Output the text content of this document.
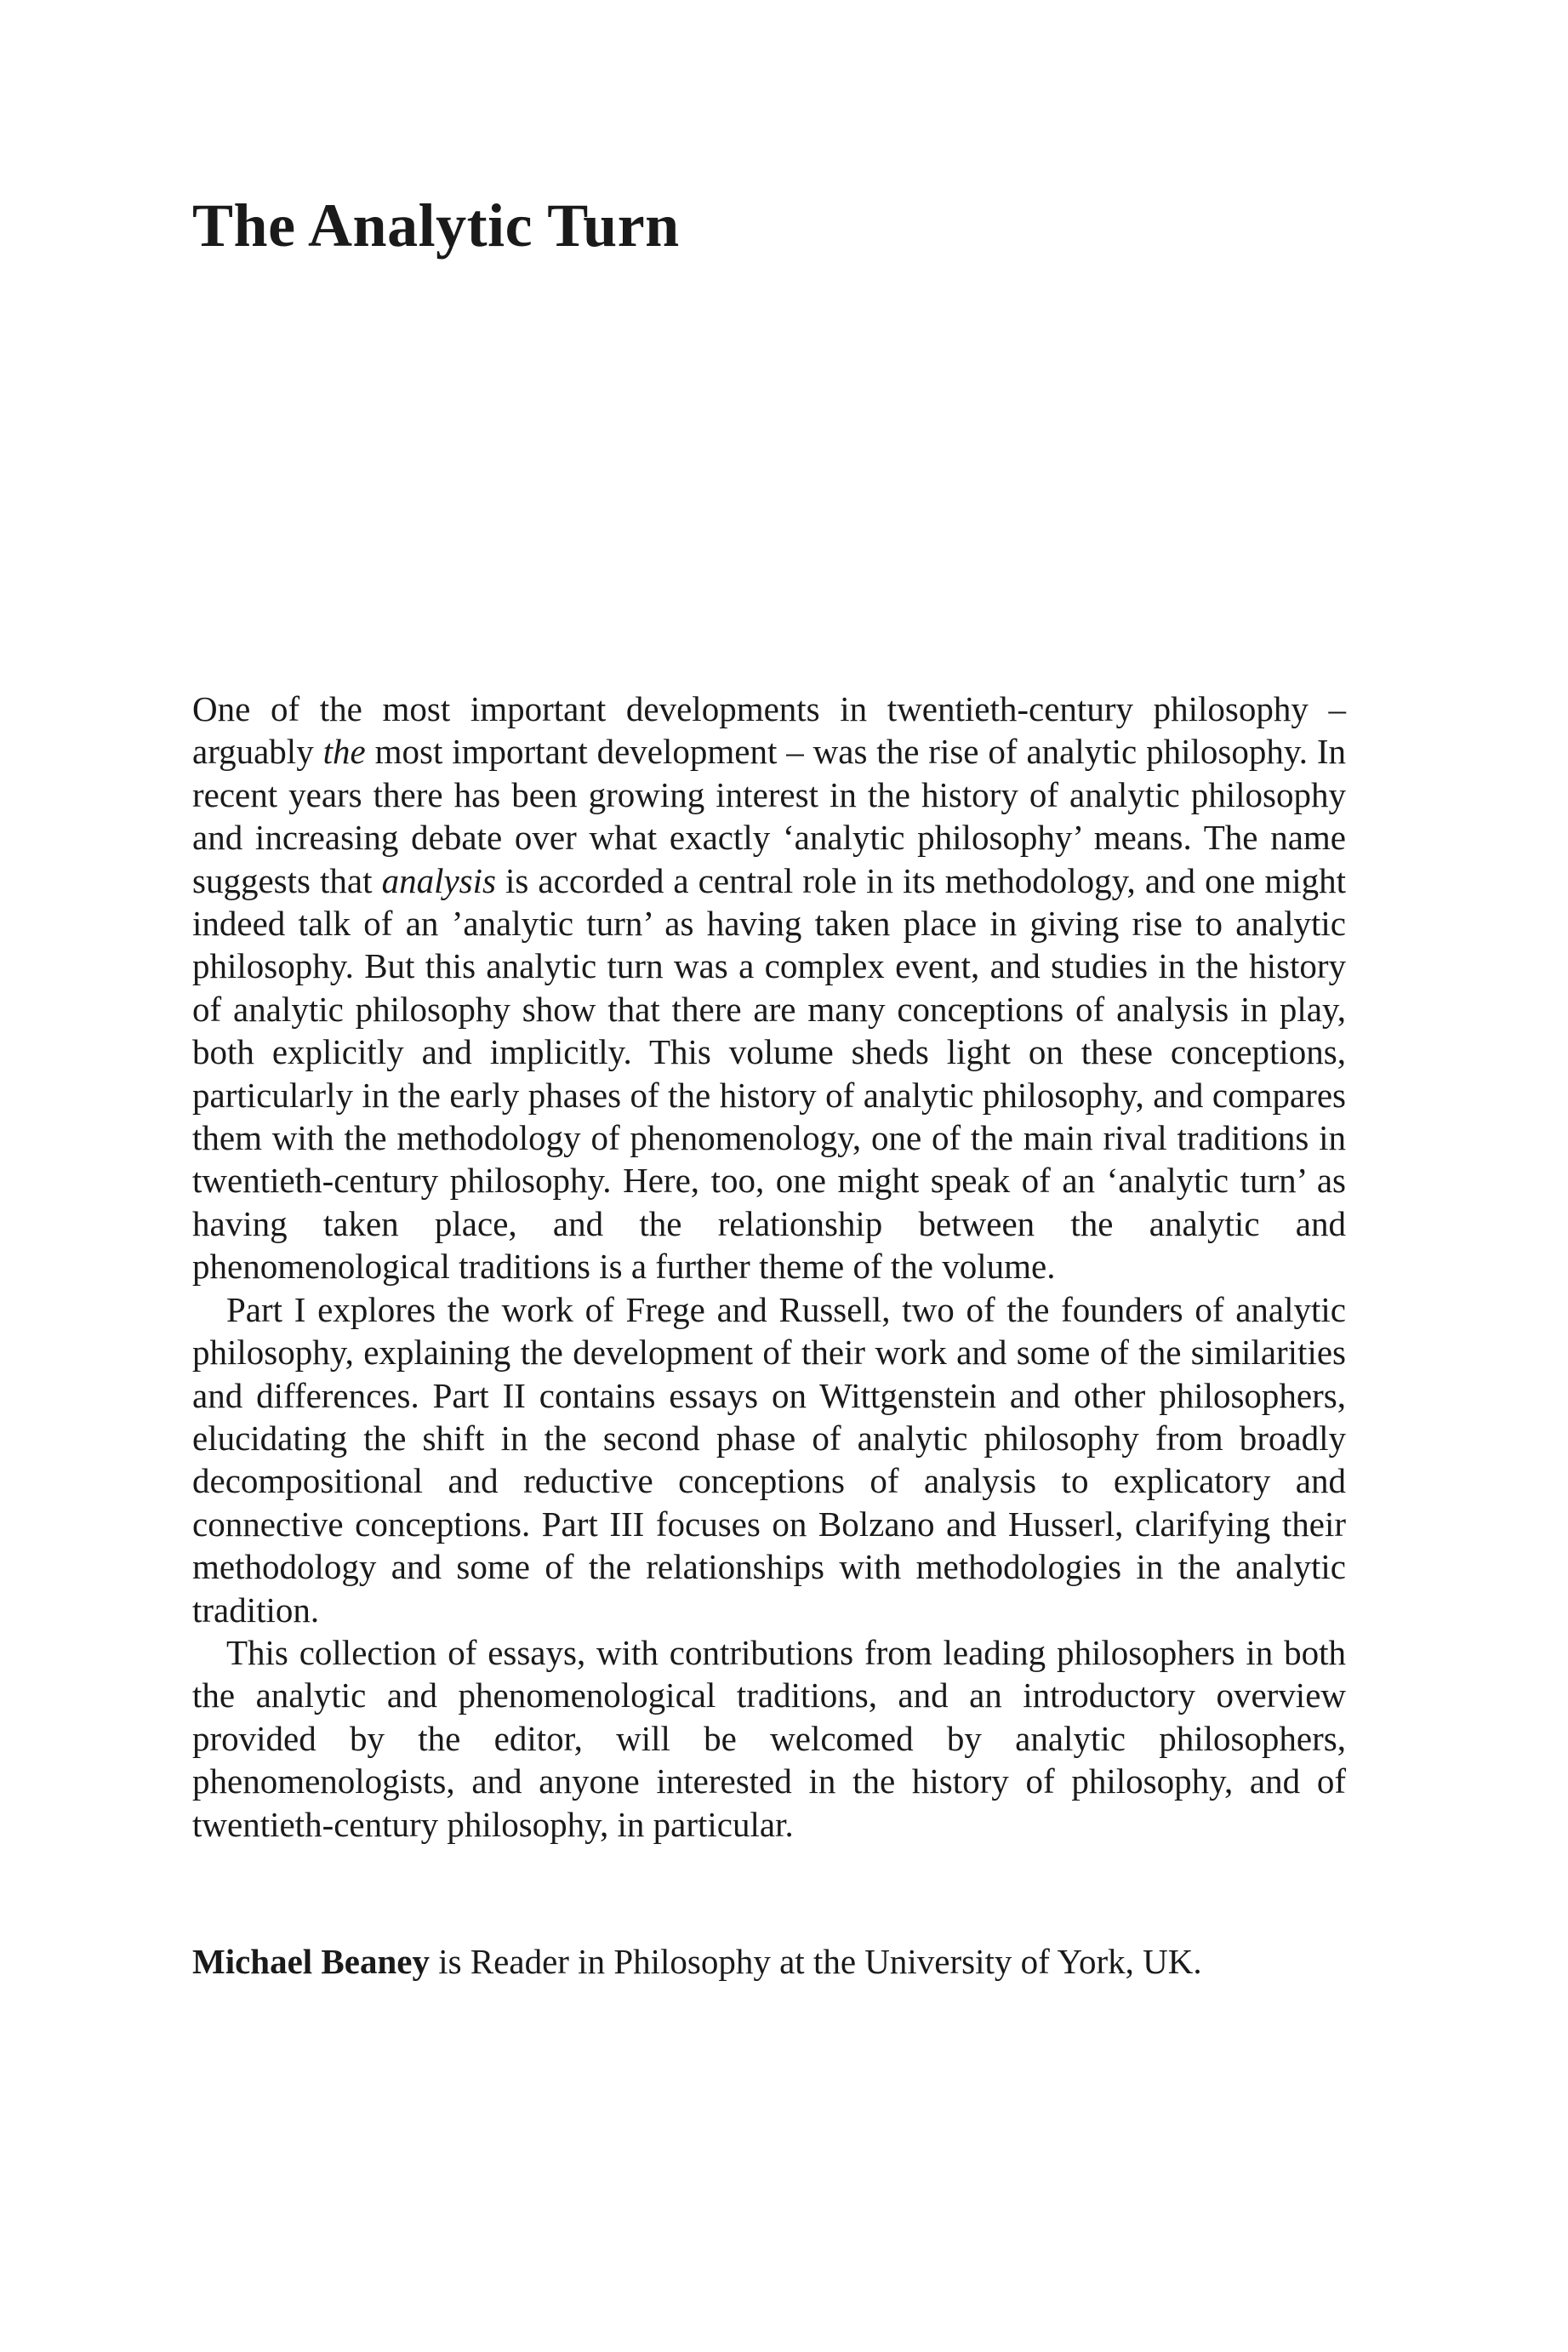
The Analytic Turn

One of the most important developments in twentieth-century philosophy – arguably the most important development – was the rise of analytic philosophy. In recent years there has been growing interest in the history of analytic philosophy and increasing debate over what exactly ‘analytic philosophy’ means. The name suggests that analysis is accorded a central role in its methodology, and one might indeed talk of an ’analytic turn’ as having taken place in giving rise to analytic philosophy. But this analytic turn was a complex event, and studies in the history of analytic philosophy show that there are many conceptions of analysis in play, both explicitly and implicitly. This volume sheds light on these conceptions, particularly in the early phases of the history of analytic philosophy, and compares them with the methodology of phenomenology, one of the main rival traditions in twentieth-century philosophy. Here, too, one might speak of an ‘analytic turn’ as having taken place, and the relationship between the analytic and phenomenological traditions is a further theme of the volume.

Part I explores the work of Frege and Russell, two of the founders of analytic philosophy, explaining the development of their work and some of the similarities and differences. Part II contains essays on Wittgenstein and other philosophers, elucidating the shift in the second phase of analytic philosophy from broadly decompositional and reductive conceptions of analysis to explicatory and connective conceptions. Part III focuses on Bolzano and Husserl, clarifying their methodology and some of the relationships with methodologies in the analytic tradition.

This collection of essays, with contributions from leading philosophers in both the analytic and phenomenological traditions, and an introductory overview provided by the editor, will be welcomed by analytic philosophers, phenomenologists, and anyone interested in the history of philosophy, and of twentieth-century philosophy, in particular.

Michael Beaney is Reader in Philosophy at the University of York, UK.
